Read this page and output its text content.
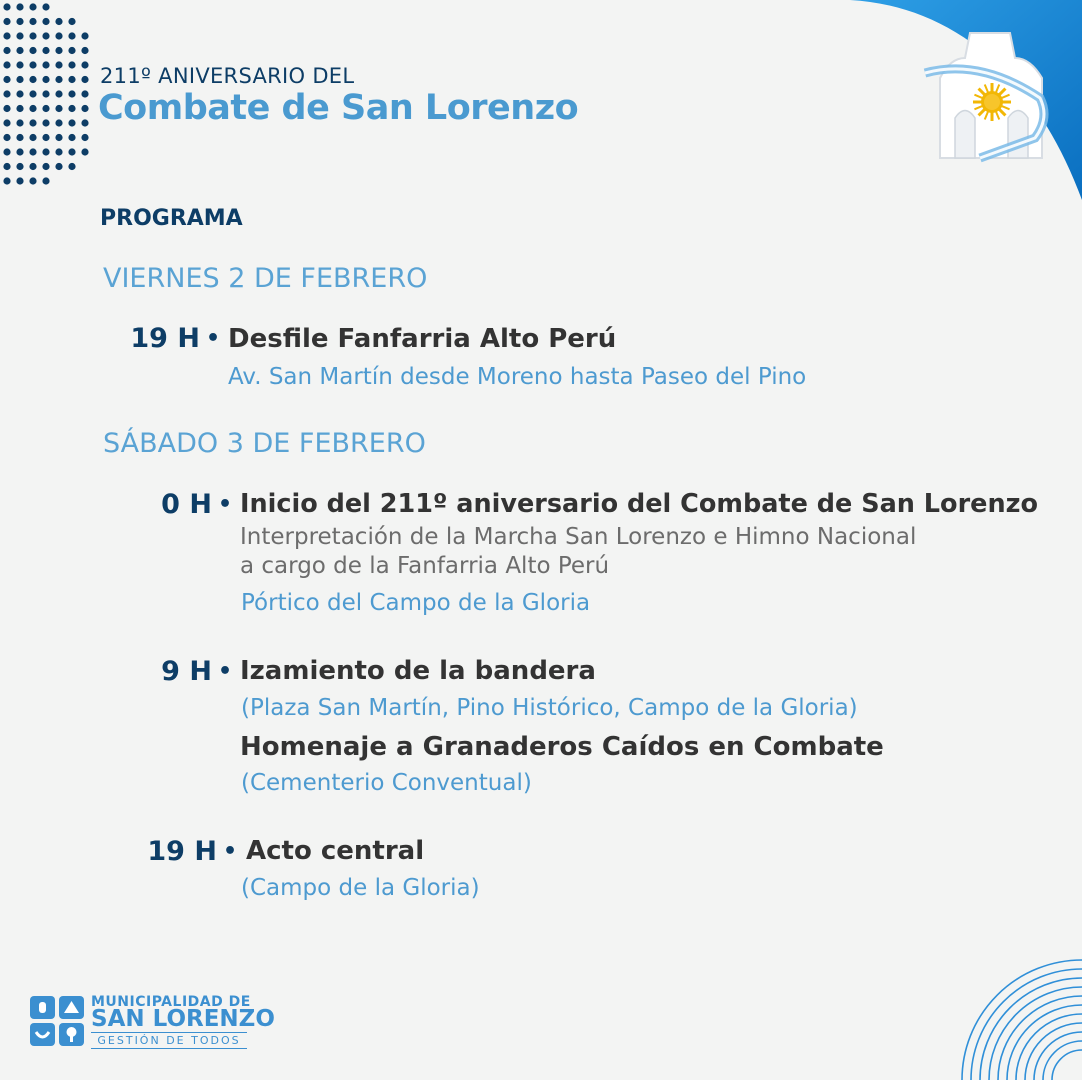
211º ANIVERSARIO DEL
Combate de San Lorenzo
PROGRAMA
VIERNES 2 DE FEBRERO
19 H • Desfile Fanfarria Alto Perú
Av. San Martín desde Moreno hasta Paseo del Pino
SÁBADO 3 DE FEBRERO
0 H • Inicio del 211º aniversario del Combate de San Lorenzo
Interpretación de la Marcha San Lorenzo e Himno Nacional
a cargo de la Fanfarria Alto Perú
Pórtico del Campo de la Gloria
9 H • Izamiento de la bandera
(Plaza San Martín, Pino Histórico, Campo de la Gloria)
Homenaje a Granaderos Caídos en Combate
(Cementerio Conventual)
19 H • Acto central
(Campo de la Gloria)
MUNICIPALIDAD DE
SAN LORENZO
GESTIÓN DE TODOS
